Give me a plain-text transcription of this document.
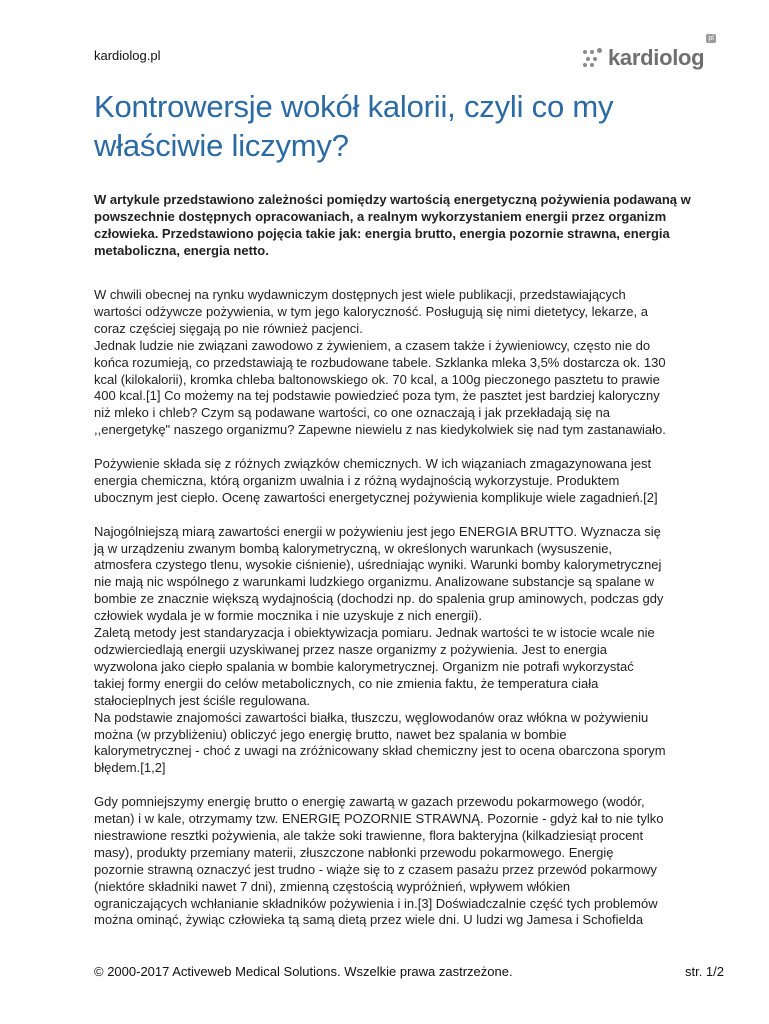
kardiolog.pl	kardiolog
pl
Kontrowersje wokół kalorii, czyli co my właściwie liczymy?

W artykule przedstawiono zależności pomiędzy wartością energetyczną pożywienia podawaną w powszechnie dostępnych opracowaniach, a realnym wykorzystaniem energii przez organizm człowieka. Przedstawiono pojęcia takie jak: energia brutto, energia pozornie strawna, energia metaboliczna, energia netto.

W chwili obecnej na rynku wydawniczym dostępnych jest wiele publikacji, przedstawiających
wartości odżywcze pożywienia, w tym jego kaloryczność. Posługują się nimi dietetycy, lekarze, a
coraz częściej sięgają po nie również pacjenci.
Jednak ludzie nie związani zawodowo z żywieniem, a czasem także i żywieniowcy, często nie do
końca rozumieją, co przedstawiają te rozbudowane tabele. Szklanka mleka 3,5% dostarcza ok. 130
kcal (kilokalorii), kromka chleba baltonowskiego ok. 70 kcal, a 100g pieczonego pasztetu to prawie
400 kcal.[1] Co możemy na tej podstawie powiedzieć poza tym, że pasztet jest bardziej kaloryczny
niż mleko i chleb? Czym są podawane wartości, co one oznaczają i jak przekładają się na
,,energetykę" naszego organizmu? Zapewne niewielu z nas kiedykolwiek się nad tym zastanawiało.

Pożywienie składa się z różnych związków chemicznych. W ich wiązaniach zmagazynowana jest
energia chemiczna, którą organizm uwalnia i z różną wydajnością wykorzystuje. Produktem
ubocznym jest ciepło. Ocenę zawartości energetycznej pożywienia komplikuje wiele zagadnień.[2]

Najogólniejszą miarą zawartości energii w pożywieniu jest jego ENERGIA BRUTTO. Wyznacza się
ją w urządzeniu zwanym bombą kalorymetryczną, w określonych warunkach (wysuszenie,
atmosfera czystego tlenu, wysokie ciśnienie), uśredniając wyniki. Warunki bomby kalorymetrycznej
nie mają nic wspólnego z warunkami ludzkiego organizmu. Analizowane substancje są spalane w
bombie ze znacznie większą wydajnością (dochodzi np. do spalenia grup aminowych, podczas gdy
człowiek wydala je w formie mocznika i nie uzyskuje z nich energii).
Zaletą metody jest standaryzacja i obiektywizacja pomiaru. Jednak wartości te w istocie wcale nie
odzwierciedlają energii uzyskiwanej przez nasze organizmy z pożywienia. Jest to energia
wyzwolona jako ciepło spalania w bombie kalorymetrycznej. Organizm nie potrafi wykorzystać
takiej formy energii do celów metabolicznych, co nie zmienia faktu, że temperatura ciała
stałocieplnych jest ściśle regulowana.
Na podstawie znajomości zawartości białka, tłuszczu, węglowodanów oraz włókna w pożywieniu
można (w przybliżeniu) obliczyć jego energię brutto, nawet bez spalania w bombie
kalorymetrycznej - choć z uwagi na zróżnicowany skład chemiczny jest to ocena obarczona sporym
błędem.[1,2]

Gdy pomniejszymy energię brutto o energię zawartą w gazach przewodu pokarmowego (wodór,
metan) i w kale, otrzymamy tzw. ENERGIĘ POZORNIE STRAWNĄ. Pozornie - gdyż kał to nie tylko
niestrawione resztki pożywienia, ale także soki trawienne, flora bakteryjna (kilkadziesiąt procent
masy), produkty przemiany materii, złuszczone nabłonki przewodu pokarmowego. Energię
pozornie strawną oznaczyć jest trudno - wiąże się to z czasem pasażu przez przewód pokarmowy
(niektóre składniki nawet 7 dni), zmienną częstością wypróżnień, wpływem włókien
ograniczających wchłanianie składników pożywienia i in.[3] Doświadczalnie część tych problemów
można ominąć, żywiąc człowieka tą samą dietą przez wiele dni. U ludzi wg Jamesa i Schofielda

© 2000-2017 Activeweb Medical Solutions. Wszelkie prawa zastrzeżone.	str. 1/2
